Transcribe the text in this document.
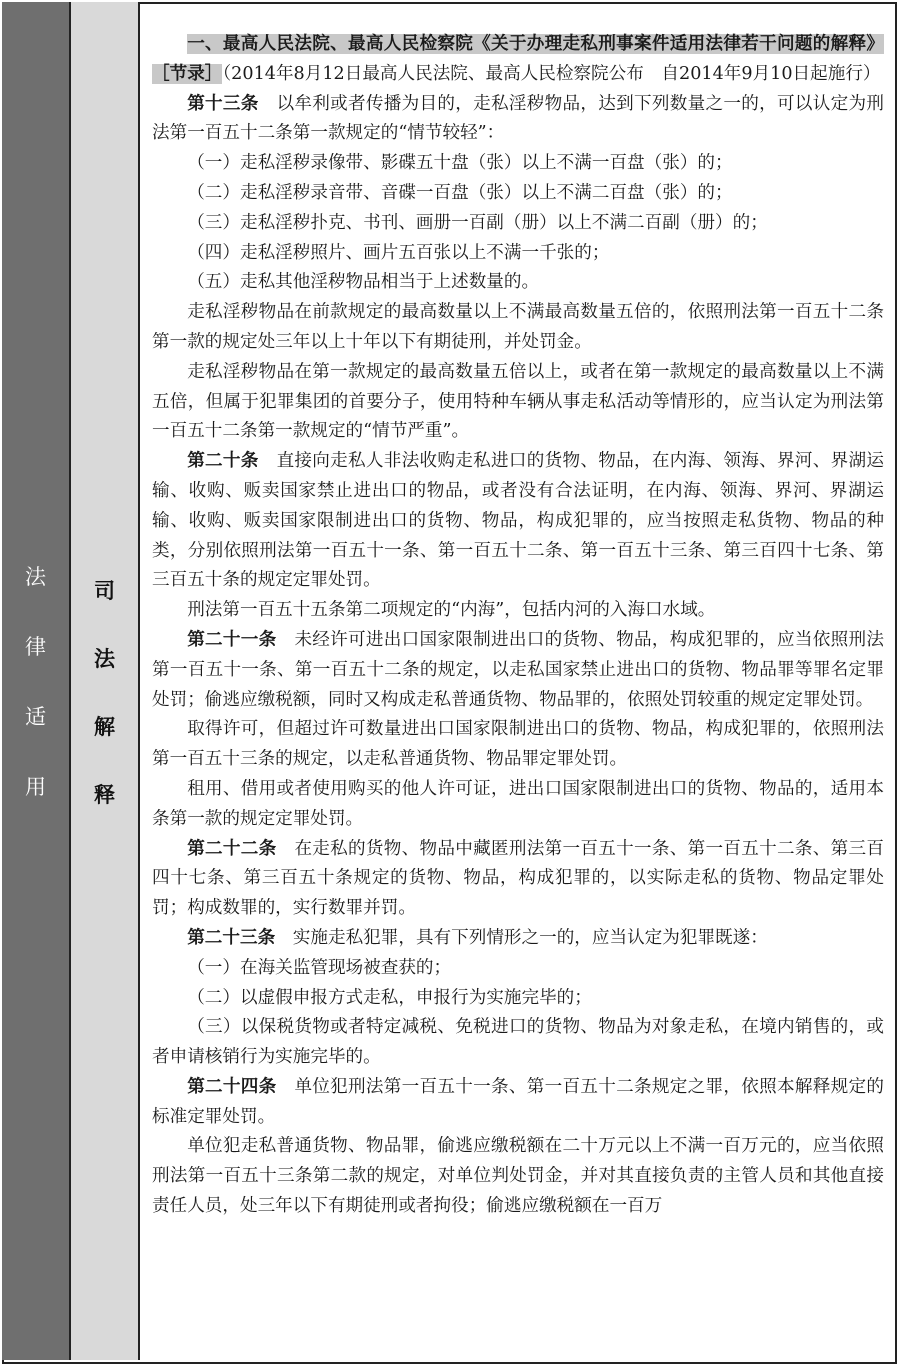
法
律
适
用
司
法
解
释

一、最高人民法院、最高人民检察院《关于办理走私刑事案件适用法律若干问题的解释》［节录］（2014年8月12日最高人民法院、最高人民检察院公布　自2014年9月10日起施行）

第十三条　 以牟利或者传播为目的，走私淫秽物品，达到下列数量之一的，可以认定为刑法第一百五十二条第一款规定的“情节较轻”：

（一）走私淫秽录像带、影碟五十盘（张）以上不满一百盘（张）的；

（二）走私淫秽录音带、音碟一百盘（张）以上不满二百盘（张）的；

（三）走私淫秽扑克、书刊、画册一百副（册）以上不满二百副（册）的；

（四）走私淫秽照片、画片五百张以上不满一千张的；

（五）走私其他淫秽物品相当于上述数量的。

走私淫秽物品在前款规定的最高数量以上不满最高数量五倍的，依照刑法第一百五十二条第一款的规定处三年以上十年以下有期徒刑，并处罚金。

走私淫秽物品在第一款规定的最高数量五倍以上，或者在第一款规定的最高数量以上不满五倍，但属于犯罪集团的首要分子，使用特种车辆从事走私活动等情形的，应当认定为刑法第一百五十二条第一款规定的“情节严重”。

第二十条　 直接向走私人非法收购走私进口的货物、物品，在内海、领海、界河、界湖运输、收购、贩卖国家禁止进出口的物品，或者没有合法证明，在内海、领海、界河、界湖运输、收购、贩卖国家限制进出口的货物、物品，构成犯罪的，应当按照走私货物、物品的种类，分别依照刑法第一百五十一条、第一百五十二条、第一百五十三条、第三百四十七条、第三百五十条的规定定罪处罚。

刑法第一百五十五条第二项规定的“内海”，包括内河的入海口水域。

第二十一条　 未经许可进出口国家限制进出口的货物、物品，构成犯罪的，应当依照刑法第一百五十一条、第一百五十二条的规定，以走私国家禁止进出口的货物、物品罪等罪名定罪处罚；偷逃应缴税额，同时又构成走私普通货物、物品罪的，依照处罚较重的规定定罪处罚。

取得许可，但超过许可数量进出口国家限制进出口的货物、物品，构成犯罪的，依照刑法第一百五十三条的规定，以走私普通货物、物品罪定罪处罚。

租用、借用或者使用购买的他人许可证，进出口国家限制进出口的货物、物品的，适用本条第一款的规定定罪处罚。

第二十二条　 在走私的货物、物品中藏匿刑法第一百五十一条、第一百五十二条、第三百四十七条、第三百五十条规定的货物、物品，构成犯罪的，以实际走私的货物、物品定罪处罚；构成数罪的，实行数罪并罚。

第二十三条　 实施走私犯罪，具有下列情形之一的，应当认定为犯罪既遂：

（一）在海关监管现场被查获的；

（二）以虚假申报方式走私，申报行为实施完毕的；

（三）以保税货物或者特定减税、免税进口的货物、物品为对象走私，在境内销售的，或者申请核销行为实施完毕的。

第二十四条　 单位犯刑法第一百五十一条、第一百五十二条规定之罪，依照本解释规定的标准定罪处罚。

单位犯走私普通货物、物品罪，偷逃应缴税额在二十万元以上不满一百万元的，应当依照刑法第一百五十三条第二款的规定，对单位判处罚金，并对其直接负责的主管人员和其他直接责任人员，处三年以下有期徒刑或者拘役；偷逃应缴税额在一百万
